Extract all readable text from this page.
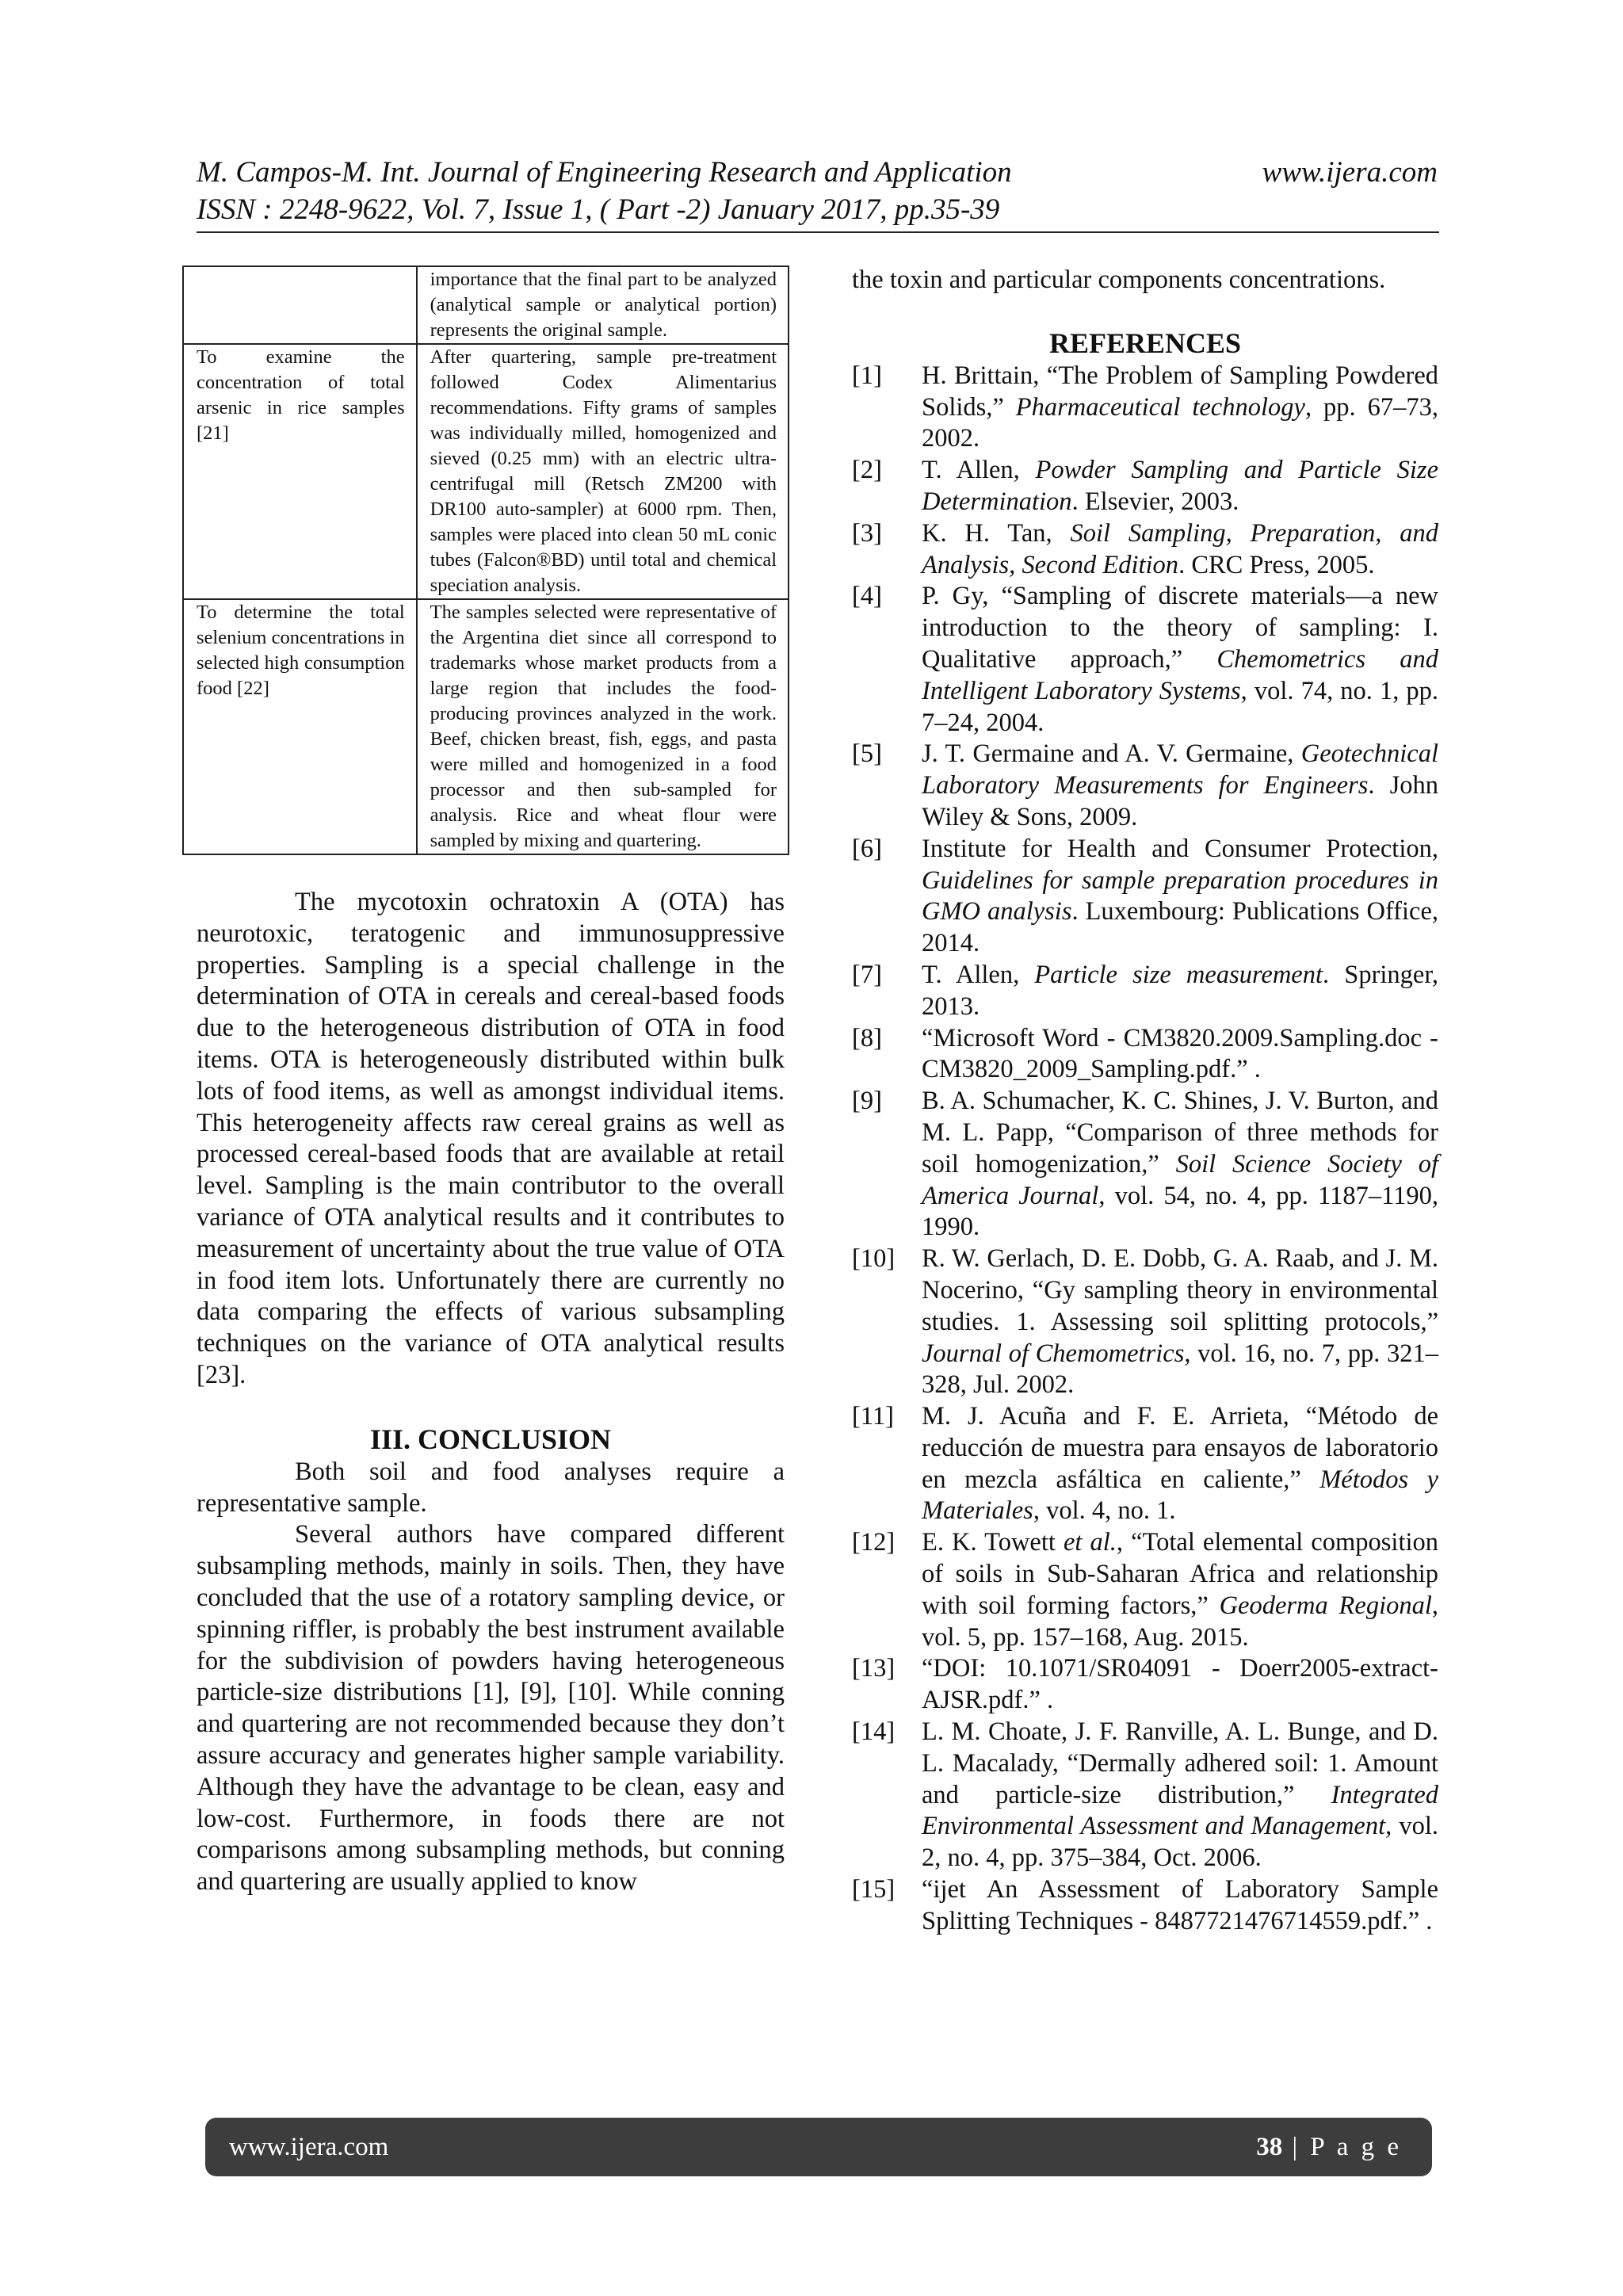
M. Campos-M. Int. Journal of Engineering Research and Application	www.ijera.com
ISSN : 2248-9622, Vol. 7, Issue 1, ( Part -2) January 2017, pp.35-39
	importance that the final part to be analyzed (analytical sample or analytical portion) represents the original sample.
To examine the concentration of total arsenic in rice samples [21]	After quartering, sample pre-treatment followed Codex Alimentarius recommendations. Fifty grams of samples was individually milled, homogenized and sieved (0.25 mm) with an electric ultra-centrifugal mill (Retsch ZM200 with DR100 auto-sampler) at 6000 rpm. Then, samples were placed into clean 50 mL conic tubes (Falcon®BD) until total and chemical speciation analysis.
To determine the total selenium concentrations in selected high consumption food [22]	The samples selected were representative of the Argentina diet since all correspond to trademarks whose market products from a large region that includes the food-producing provinces analyzed in the work. Beef, chicken breast, fish, eggs, and pasta were milled and homogenized in a food processor and then sub-sampled for analysis. Rice and wheat flour were sampled by mixing and quartering.

The mycotoxin ochratoxin A (OTA) has neurotoxic, teratogenic and immunosuppressive properties. Sampling is a special challenge in the determination of OTA in cereals and cereal-based foods due to the heterogeneous distribution of OTA in food items. OTA is heterogeneously distributed within bulk lots of food items, as well as amongst individual items. This heterogeneity affects raw cereal grains as well as processed cereal-based foods that are available at retail level. Sampling is the main contributor to the overall variance of OTA analytical results and it contributes to measurement of uncertainty about the true value of OTA in food item lots. Unfortunately there are currently no data comparing the effects of various subsampling techniques on the variance of OTA analytical results [23].

III. CONCLUSION

Both soil and food analyses require a representative sample.

Several authors have compared different subsampling methods, mainly in soils. Then, they have concluded that the use of a rotatory sampling device, or spinning riffler, is probably the best instrument available for the subdivision of powders having heterogeneous particle-size distributions [1], [9], [10]. While conning and quartering are not recommended because they don’t assure accuracy and generates higher sample variability. Although they have the advantage to be clean, easy and low-cost. Furthermore, in foods there are not comparisons among subsampling methods, but conning and quartering are usually applied to know

the toxin and particular components concentrations.

REFERENCES

[1] H. Brittain, “The Problem of Sampling Powdered Solids,” Pharmaceutical technology, pp. 67–73, 2002.
[2] T. Allen, Powder Sampling and Particle Size Determination. Elsevier, 2003.
[3] K. H. Tan, Soil Sampling, Preparation, and Analysis, Second Edition. CRC Press, 2005.
[4] P. Gy, “Sampling of discrete materials—a new introduction to the theory of sampling: I. Qualitative approach,” Chemometrics and Intelligent Laboratory Systems, vol. 74, no. 1, pp. 7–24, 2004.
[5] J. T. Germaine and A. V. Germaine, Geotechnical Laboratory Measurements for Engineers. John Wiley & Sons, 2009.
[6] Institute for Health and Consumer Protection, Guidelines for sample preparation procedures in GMO analysis. Luxembourg: Publications Office, 2014.
[7] T. Allen, Particle size measurement. Springer, 2013.
[8] “Microsoft Word - CM3820.2009.Sampling.doc - CM3820_2009_Sampling.pdf.” .
[9] B. A. Schumacher, K. C. Shines, J. V. Burton, and M. L. Papp, “Comparison of three methods for soil homogenization,” Soil Science Society of America Journal, vol. 54, no. 4, pp. 1187–1190, 1990.
[10] R. W. Gerlach, D. E. Dobb, G. A. Raab, and J. M. Nocerino, “Gy sampling theory in environmental studies. 1. Assessing soil splitting protocols,” Journal of Chemometrics, vol. 16, no. 7, pp. 321–328, Jul. 2002.
[11] M. J. Acuña and F. E. Arrieta, “Método de reducción de muestra para ensayos de laboratorio en mezcla asfáltica en caliente,” Métodos y Materiales, vol. 4, no. 1.
[12] E. K. Towett et al., “Total elemental composition of soils in Sub-Saharan Africa and relationship with soil forming factors,” Geoderma Regional, vol. 5, pp. 157–168, Aug. 2015.
[13] “DOI: 10.1071/SR04091 - Doerr2005-extract-AJSR.pdf.” .
[14] L. M. Choate, J. F. Ranville, A. L. Bunge, and D. L. Macalady, “Dermally adhered soil: 1. Amount and particle-size distribution,” Integrated Environmental Assessment and Management, vol. 2, no. 4, pp. 375–384, Oct. 2006.
[15] “ijet An Assessment of Laboratory Sample Splitting Techniques - 8487721476714559.pdf.” .
www.ijera.com	38 | P a g e
